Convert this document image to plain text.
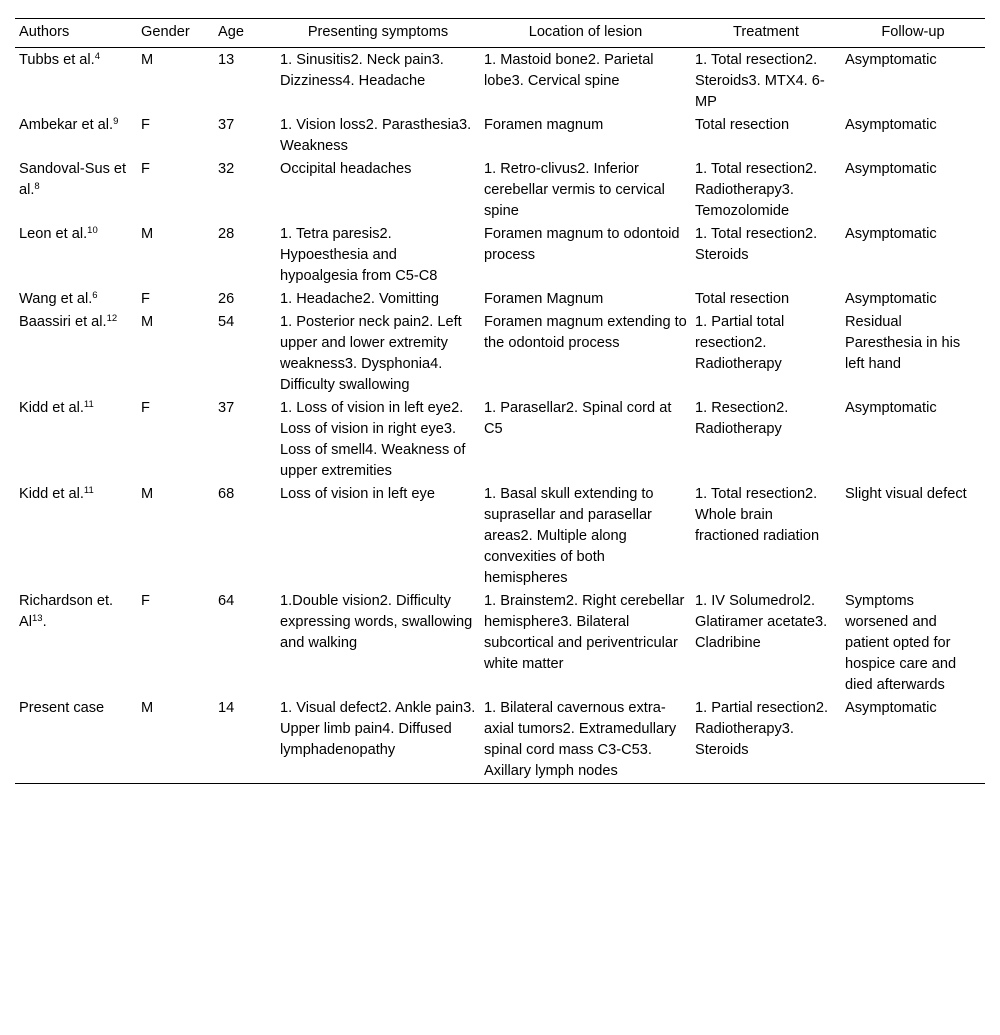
Authors	Gender	Age	Presenting symptoms	Location of lesion	Treatment	Follow-up
Tubbs et al.$^4$	M	13	1. Sinusitis2. Neck pain3. Dizziness4. Headache	1. Mastoid bone2. Parietal lobe3. Cervical spine	1. Total resection2. Steroids3. MTX4. 6-MP	Asymptomatic
Ambekar et al.$^9$	F	37	1. Vision loss2. Parasthesia3. Weakness	Foramen magnum	Total resection	Asymptomatic
Sandoval-Sus et al.$^8$	F	32	Occipital headaches	1. Retro-clivus2. Inferior cerebellar vermis to cervical spine	1. Total resection2. Radiotherapy3. Temozolomide	Asymptomatic
Leon et al.$^{10}$	M	28	1. Tetra paresis2. Hypoesthesia and hypoalgesia from C5-C8	Foramen magnum to odontoid process	1. Total resection2. Steroids	Asymptomatic
Wang et al.$^6$	F	26	1. Headache2. Vomitting	Foramen Magnum	Total resection	Asymptomatic
Baassiri et al.$^{12}$	M	54	1. Posterior neck pain2. Left upper and lower extremity weakness3. Dysphonia4. Difficulty swallowing	Foramen magnum extending to the odontoid process	1. Partial total resection2. Radiotherapy	Residual Paresthesia in his left hand
Kidd et al.$^{11}$	F	37	1. Loss of vision in left eye2. Loss of vision in right eye3. Loss of smell4. Weakness of upper extremities	1. Parasellar2. Spinal cord at C5	1. Resection2. Radiotherapy	Asymptomatic
Kidd et al.$^{11}$	M	68	Loss of vision in left eye	1. Basal skull extending to suprasellar and parasellar areas2. Multiple along convexities of both hemispheres	1. Total resection2. Whole brain fractioned radiation	Slight visual defect
Richardson et. Al$^{13}$.	F	64	1.Double vision2. Difficulty expressing words, swallowing and walking	1. Brainstem2. Right cerebellar hemisphere3. Bilateral subcortical and periventricular white matter	1. IV Solumedrol2. Glatiramer acetate3. Cladribine	Symptoms worsened and patient opted for hospice care and died afterwards
Present case	M	14	1. Visual defect2. Ankle pain3. Upper limb pain4. Diffused lymphadenopathy	1. Bilateral cavernous extra-axial tumors2. Extramedullary spinal cord mass C3-C53. Axillary lymph nodes	1. Partial resection2. Radiotherapy3. Steroids	Asymptomatic
